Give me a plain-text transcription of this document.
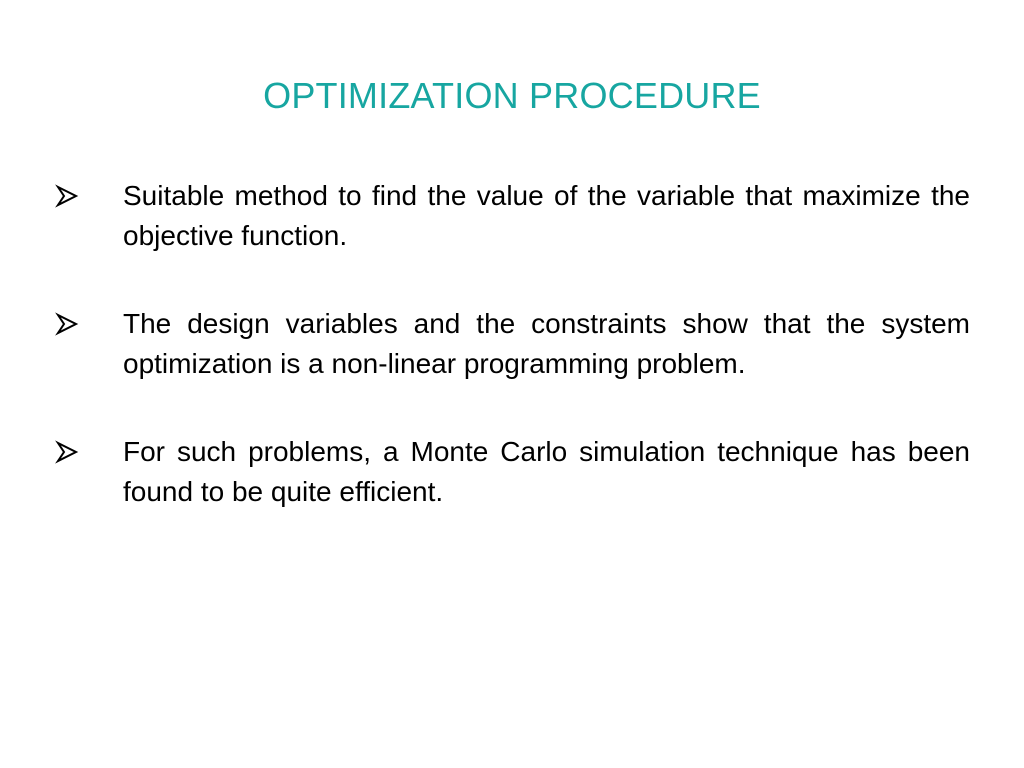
OPTIMIZATION PROCEDURE
Suitable method to find the value of the variable that maximize the objective function.
The design variables and the constraints show that the system optimization is a non-linear programming problem.
For such problems, a Monte Carlo simulation technique has been found to be quite efficient.
